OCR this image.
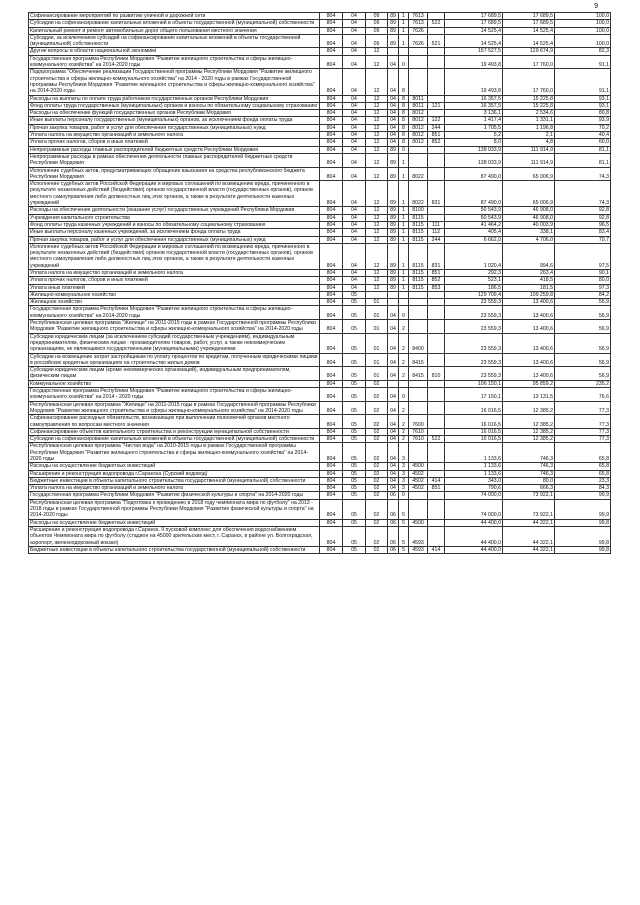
9
Софинансирование мероприятий по развитию уличной и дорожной сети	804	04	09	89	1	7613		17 689,5	17 689,5	100,0
Субсидии на софинансирование капитальных вложений в объекты государственной (муниципальной) собственности	804	04	09	89	1	7613	522	17 689,5	17 689,5	100,0
Капитальный ремонт и ремонт автомобильных дорог общего пользования местного значения	804	04	09	89	1	7626		14 525,4	14 525,4	100,0
Субсидии, за исключением субсидий на софинансирование капитальных вложений в объекты государственной (муниципальной) собственности	804	04	09	89	1	7626	521	14 525,4	14 525,4	100,0
Другие вопросы в области национальной экономики	804	04	12					157 527,5	129 674,9	82,3
Государственная программа Республики Мордовия "Развитие жилищного строительства и сферы жилищно-коммунального хозяйства" на 2014-2020 годы	804	04	12	04	0			19 493,8	17 760,0	91,1
Подпрограмма "Обеспечение реализации Государственной программы Республики Мордовия "Развитие жилищного строительства и сферы жилищно-коммунального хозяйства" на 2014 - 2020 годы в рамках Государственной программы Республики Мордовия "Развитие жилищного строительства и сферы жилищно-коммунального хозяйства" на 2014-2020 годы	804	04	12	04	8			19 493,8	17 760,0	91,1
Расходы на выплаты по оплате труда работников государственных органов Республики Мордовия	804	04	12	04	8	8011		16 357,5	15 225,8	93,1
Фонд оплаты труда государственных (муниципальных) органов и взносы по обязательному социальному страхованию	804	04	12	04	8	8011	121	16 357,5	15 225,8	93,1
Расходы на обеспечение функций государственных органов Республики Мордовия	804	04	12	04	8	8012		3 136,1	2 534,6	80,8
Иные выплаты персоналу государственных (муниципальных) органов, за исключением фонда оплаты труда	804	04	12	04	8	8012	122	1 417,4	1 331,1	93,9
Прочая закупка товаров, работ и услуг для обеспечения государственных (муниципальных) нужд	804	04	12	04	8	8012	244	1 705,5	1 196,8	70,2
Уплата налога на имущество организаций и земельного налога	804	04	12	04	8	8012	851	5,2	2,1	40,4
Уплата прочих налогов, сборов и иных платежей	804	04	12	04	8	8012	852	8,0	4,8	60,0
Непрограммные расходы главных распорядителей бюджетных средств Республики Мордовия	804	04	12	89	0			138 033,9	111 914,9	81,1
Непрограммные расходы в рамках обеспечения деятельности главных распорядителей бюджетных средств Республики Мордовия	804	04	12	89	1			138 033,9	111 914,9	81,1
Исполнение судебных актов, предусматривающих обращение взыскания на средства республиканского бюджета Республики Мордовия	804	04	12	89	1	8022		87 490,0	65 006,9	74,3
Исполнение судебных актов Российской Федерации и мировых соглашений по возмещению вреда, причиненного в результате незаконных действий (бездействия) органов государственной власти (государственных органов), органов местного самоуправления либо должностных лиц этих органов, а также в результате деятельности казенных учреждений	804	04	12	89	1	8022	831	87 490,0	65 006,9	74,3
Расходы на обеспечение деятельности (оказание услуг) государственных учреждений Республики Мордовия	804	04	12	89	1	8100		50 543,9	46 908,0	92,8
Учреждения капитального строительства	804	04	12	89	1	8115		50 543,9	46 908,0	92,8
Фонд оплаты труда казенных учреждений и взносы по обязательному социальному страхованию	804	04	12	89	1	8115	111	41 464,2	40 003,9	96,5
Иные выплаты персоналу казенных учреждений, за исключением фонда оплаты труда	804	04	12	89	1	8115	112	405,4	338,1	83,4
Прочая закупка товаров, работ и услуг для обеспечения государственных (муниципальных) нужд	804	04	12	89	1	8115	244	6 662,0	4 706,0	70,7
Исполнение судебных актов Российской Федерации и мировых соглашений по возмещению вреда, причиненного в результате незаконных действий (бездействия) органов государственной власти (государственных органов), органов местного самоуправления либо должностных лиц этих органов, а также в результате деятельности казенных учреждений	804	04	12	89	1	8115	831	1 020,4	994,6	97,5
Уплата налога на имущество организаций и земельного налога	804	04	12	89	1	8115	851	292,3	263,4	90,1
Уплата прочих налогов, сборов и иных платежей	804	04	12	89	1	8115	852	523,1	418,5	80,0
Уплата иных платежей	804	04	12	89	1	8115	853	186,5	181,5	97,3
Жилищно-коммунальное хозяйство	804	05						129 709,4	109 259,8	84,2
Жилищное хозяйство	804	05	01					23 559,3	13 400,6	56,9
Государственная программа Республики Мордовия "Развитие жилищного строительства и сферы жилищно-коммунального хозяйства" на 2014-2020 годы	804	05	01	04	0			23 559,3	13 400,6	56,9
Республиканская целевая программа "Жилище" на 2011-2015 годы в рамках Государственной программы Республики Мордовия "Развитие жилищного строительства и сферы жилищно-коммунального хозяйства" на 2014-2020 годы	804	05	01	04	2			23 559,3	13 400,6	56,9
Субсидии юридическим лицам (за исключением субсидий государственным учреждениям), индивидуальным предпринимателям, физическим лицам - производителям товаров, работ, услуг, а также некоммерческим организациям, не являющимся государственными (муниципальными) учреждениями	804	05	01	04	2	8400		23 559,3	13 400,6	56,9
Субсидии на возмещение затрат застройщикам по уплату процентов по кредитам, полученным юридическими лицами в российских кредитных организациях на строительство жилых домов	804	05	01	04	2	8415		23 559,3	13 400,6	56,9
Субсидии юридическим лицам (кроме некоммерческих организаций), индивидуальным предпринимателям, физическим лицам	804	05	01	04	2	8415	810	23 559,3	13 400,6	56,9
Коммунальное хозяйство	804	05	02					106 150,1	95 859,2	235,2
Государственная программа Республики Мордовия "Развитие жилищного строительства и сферы жилищно-коммунального хозяйства" на 2014 - 2020 годы	804	05	02	04	0			17 150,1	13 131,5	76,6
Республиканская целевая программа "Жилище" на 2011-2015 годы в рамках Государственной программы Республики Мордовия "Развитие жилищного строительства и сферы жилищно-коммунального хозяйства" на 2014-2020 годы	804	05	02	04	2			16 016,5	12 385,2	77,3
Софинансирование расходных обязательств, возникающих при выполнении полномочий органов местного самоуправления по вопросам местного значения	804	05	02	04	2	7600		16 016,5	12 385,2	77,3
Софинансирование объектов капитального строительства и реконструкции муниципальной собственности	804	05	02	04	2	7610		16 016,5	12 385,2	77,3
Субсидии на софинансирование капитальных вложений в объекты государственной (муниципальной) собственности	804	05	02	04	2	7610	522	16 016,5	12 385,2	77,3
Республиканская целевая программа "Чистая вода" на 2010-2015 годы в рамках Государственной программы Республики Мордовия "Развитие жилищного строительства и сферы жилищно-коммунального хозяйства" на 2014-2020 годы	804	05	02	04	3			1 133,6	746,3	65,8
Расходы на осуществление бюджетных инвестиций	804	05	02	04	3	4500		1 133,6	746,3	65,8
Расширение и реконструкция водопровода г.Саранска (Сурский водовод)	804	05	02	04	3	4502		1 133,6	746,3	65,8
Бюджетные инвестиции в объекты капитального строительства государственной (муниципальной) собственности	804	05	02	04	3	4502	414	343,0	80,0	23,3
Уплата налога на имущество организаций и земельного налога	804	05	02	04	3	4502	851	790,6	666,3	84,3
Государственная программа Республики Мордовия "Развитие физической культуры и спорта" на 2014-2020 годы	804	05	02	06	0			74 000,0	73 922,1	99,9
Республиканская целевая программа "Подготовка к проведению в 2018 году чемпионата мира по футболу" на 2013 - 2018 годы в рамках Государственной программы Республики Мордовия "Развитие физической культуры и спорта" на 2014-2020 годы	804	05	02	06	5			74 000,0	73 922,1	99,9
Расходы на осуществление бюджетных инвестиций	804	05	02	06	5	4500		44 400,0	44 322,1	99,8
Расширение и реконструкция водопровода г.Саранск. II пусковой комплекс для обеспечения водоснабжением объектов Чемпионата мира по футболу (стадион на 45000 зрительских мест, г. Саранск, в районе ул. Волгоградская, аэропорт, железнодорожный вокзал)	804	05	02	06	5	4593		44 400,0	44 322,1	99,8
Бюджетные инвестиции в объекты капитального строительства государственной (муниципальной) собственности	804	05	02	06	5	4593	414	44 400,0	44 322,1	99,8
